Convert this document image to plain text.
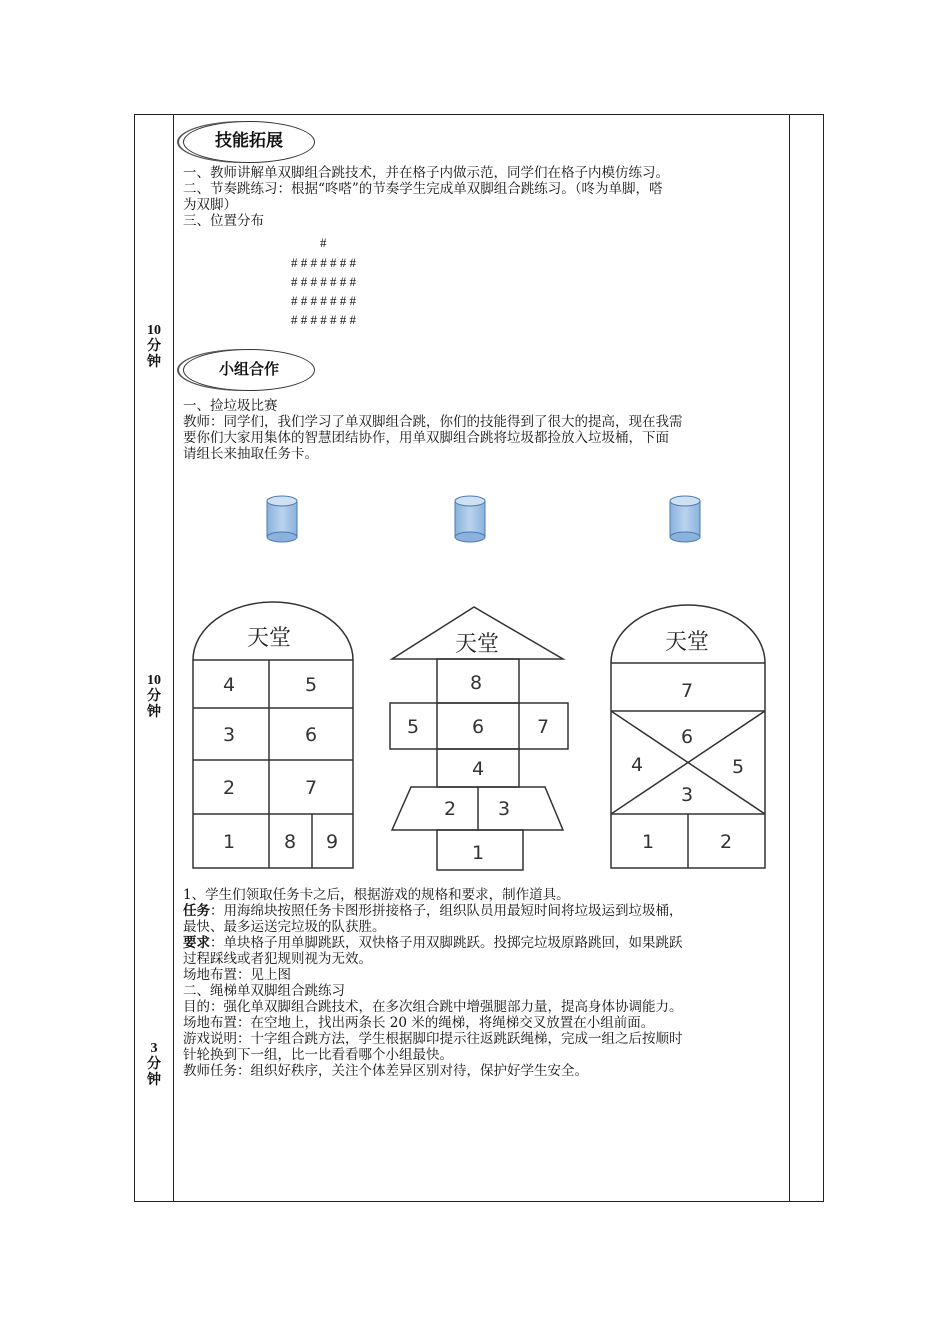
10
分
钟
10
分
钟
3
分
钟
技能拓展

一、教师讲解单双脚组合跳技术，并在格子内做示范，同学们在格子内模仿练习。

二、节奏跳练习：根据“咚嗒”的节奏学生完成单双脚组合跳练习。（咚为单脚，嗒

为双脚）

三、位置分布

#
# # # # # # #
# # # # # # #
# # # # # # #
# # # # # # #
小组合作

一、捡垃圾比赛

教师：同学们，我们学习了单双脚组合跳，你们的技能得到了很大的提高，现在我需

要你们大家用集体的智慧团结协作，用单双脚组合跳将垃圾都捡放入垃圾桶，下面

请组长来抽取任务卡。

天堂
4	5
3	6
2	7
1	8 9
天堂
8
5	6	7
4
2 3
1
天堂
7
6
4	5
3
1	2

1、学生们领取任务卡之后，根据游戏的规格和要求，制作道具。

任务：用海绵块按照任务卡图形拼接格子，组织队员用最短时间将垃圾运到垃圾桶，

最快、最多运送完垃圾的队获胜。

要求：单块格子用单脚跳跃，双快格子用双脚跳跃。投掷完垃圾原路跳回，如果跳跃

过程踩线或者犯规则视为无效。

场地布置：见上图

二、绳梯单双脚组合跳练习

目的：强化单双脚组合跳技术，在多次组合跳中增强腿部力量，提高身体协调能力。

场地布置：在空地上，找出两条长 20 米的绳梯，将绳梯交叉放置在小组前面。

游戏说明：十字组合跳方法，学生根据脚印提示往返跳跃绳梯，完成一组之后按顺时

针轮换到下一组，比一比看看哪个小组最快。

教师任务：组织好秩序，关注个体差异区别对待，保护好学生安全。
